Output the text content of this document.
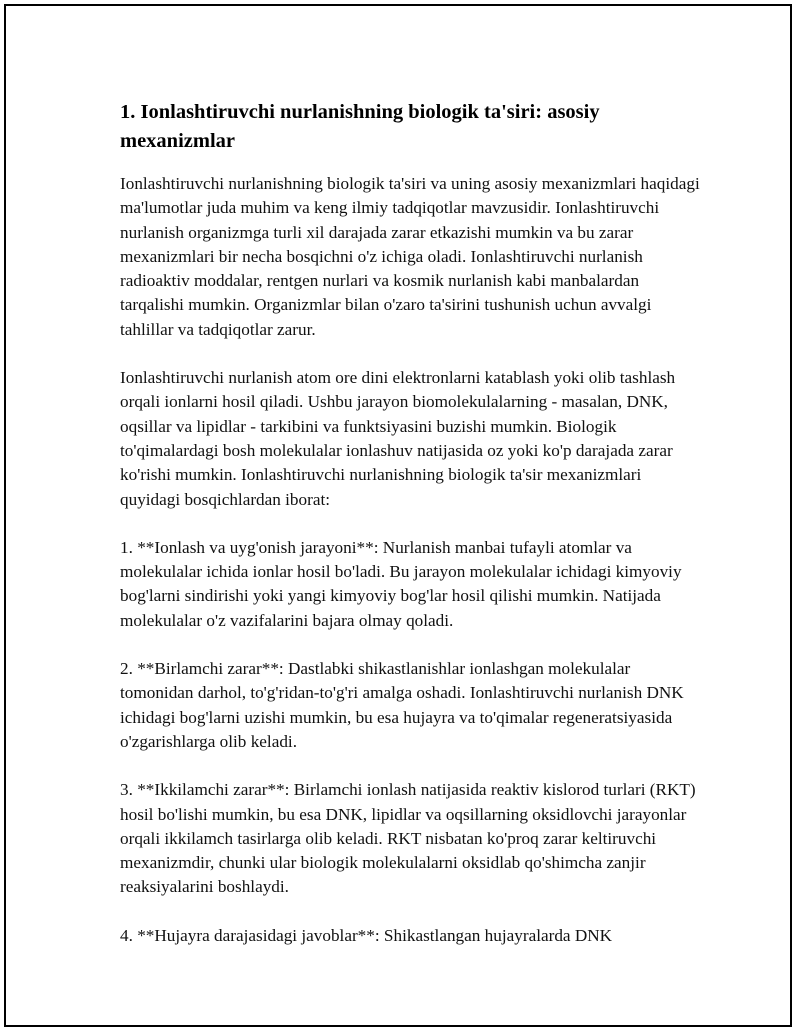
1. Ionlashtiruvchi nurlanishning biologik ta'siri: asosiy mexanizmlar

Ionlashtiruvchi nurlanishning biologik ta'siri va uning asosiy mexanizmlari haqidagi ma'lumotlar juda muhim va keng ilmiy tadqiqotlar mavzusidir. Ionlashtiruvchi nurlanish organizmga turli xil darajada zarar etkazishi mumkin va bu zarar mexanizmlari bir necha bosqichni o'z ichiga oladi. Ionlashtiruvchi nurlanish radioaktiv moddalar, rentgen nurlari va kosmik nurlanish kabi manbalardan tarqalishi mumkin. Organizmlar bilan o'zaro ta'sirini tushunish uchun avvalgi tahlillar va tadqiqotlar zarur.

Ionlashtiruvchi nurlanish atom ore dini elektronlarni katablash yoki olib tashlash orqali ionlarni hosil qiladi. Ushbu jarayon biomolekulalarning - masalan, DNK, oqsillar va lipidlar - tarkibini va funktsiyasini buzishi mumkin. Biologik to'qimalardagi bosh molekulalar ionlashuv natijasida oz yoki ko'p darajada zarar ko'rishi mumkin. Ionlashtiruvchi nurlanishning biologik ta'sir mexanizmlari quyidagi bosqichlardan iborat:

1. **Ionlash va uyg'onish jarayoni**: Nurlanish manbai tufayli atomlar va molekulalar ichida ionlar hosil bo'ladi. Bu jarayon molekulalar ichidagi kimyoviy bog'larni sindirishi yoki yangi kimyoviy bog'lar hosil qilishi mumkin. Natijada molekulalar o'z vazifalarini bajara olmay qoladi.

2. **Birlamchi zarar**: Dastlabki shikastlanishlar ionlashgan molekulalar tomonidan darhol, to'g'ridan-to'g'ri amalga oshadi. Ionlashtiruvchi nurlanish DNK ichidagi bog'larni uzishi mumkin, bu esa hujayra va to'qimalar regeneratsiyasida o'zgarishlarga olib keladi.

3. **Ikkilamchi zarar**: Birlamchi ionlash natijasida reaktiv kislorod turlari (RKT) hosil bo'lishi mumkin, bu esa DNK, lipidlar va oqsillarning oksidlovchi jarayonlar orqali ikkilamch tasirlarga olib keladi. RKT nisbatan ko'proq zarar keltiruvchi mexanizmdir, chunki ular biologik molekulalarni oksidlab qo'shimcha zanjir reaksiyalarini boshlaydi.

4. **Hujayra darajasidagi javoblar**: Shikastlangan hujayralarda DNK
